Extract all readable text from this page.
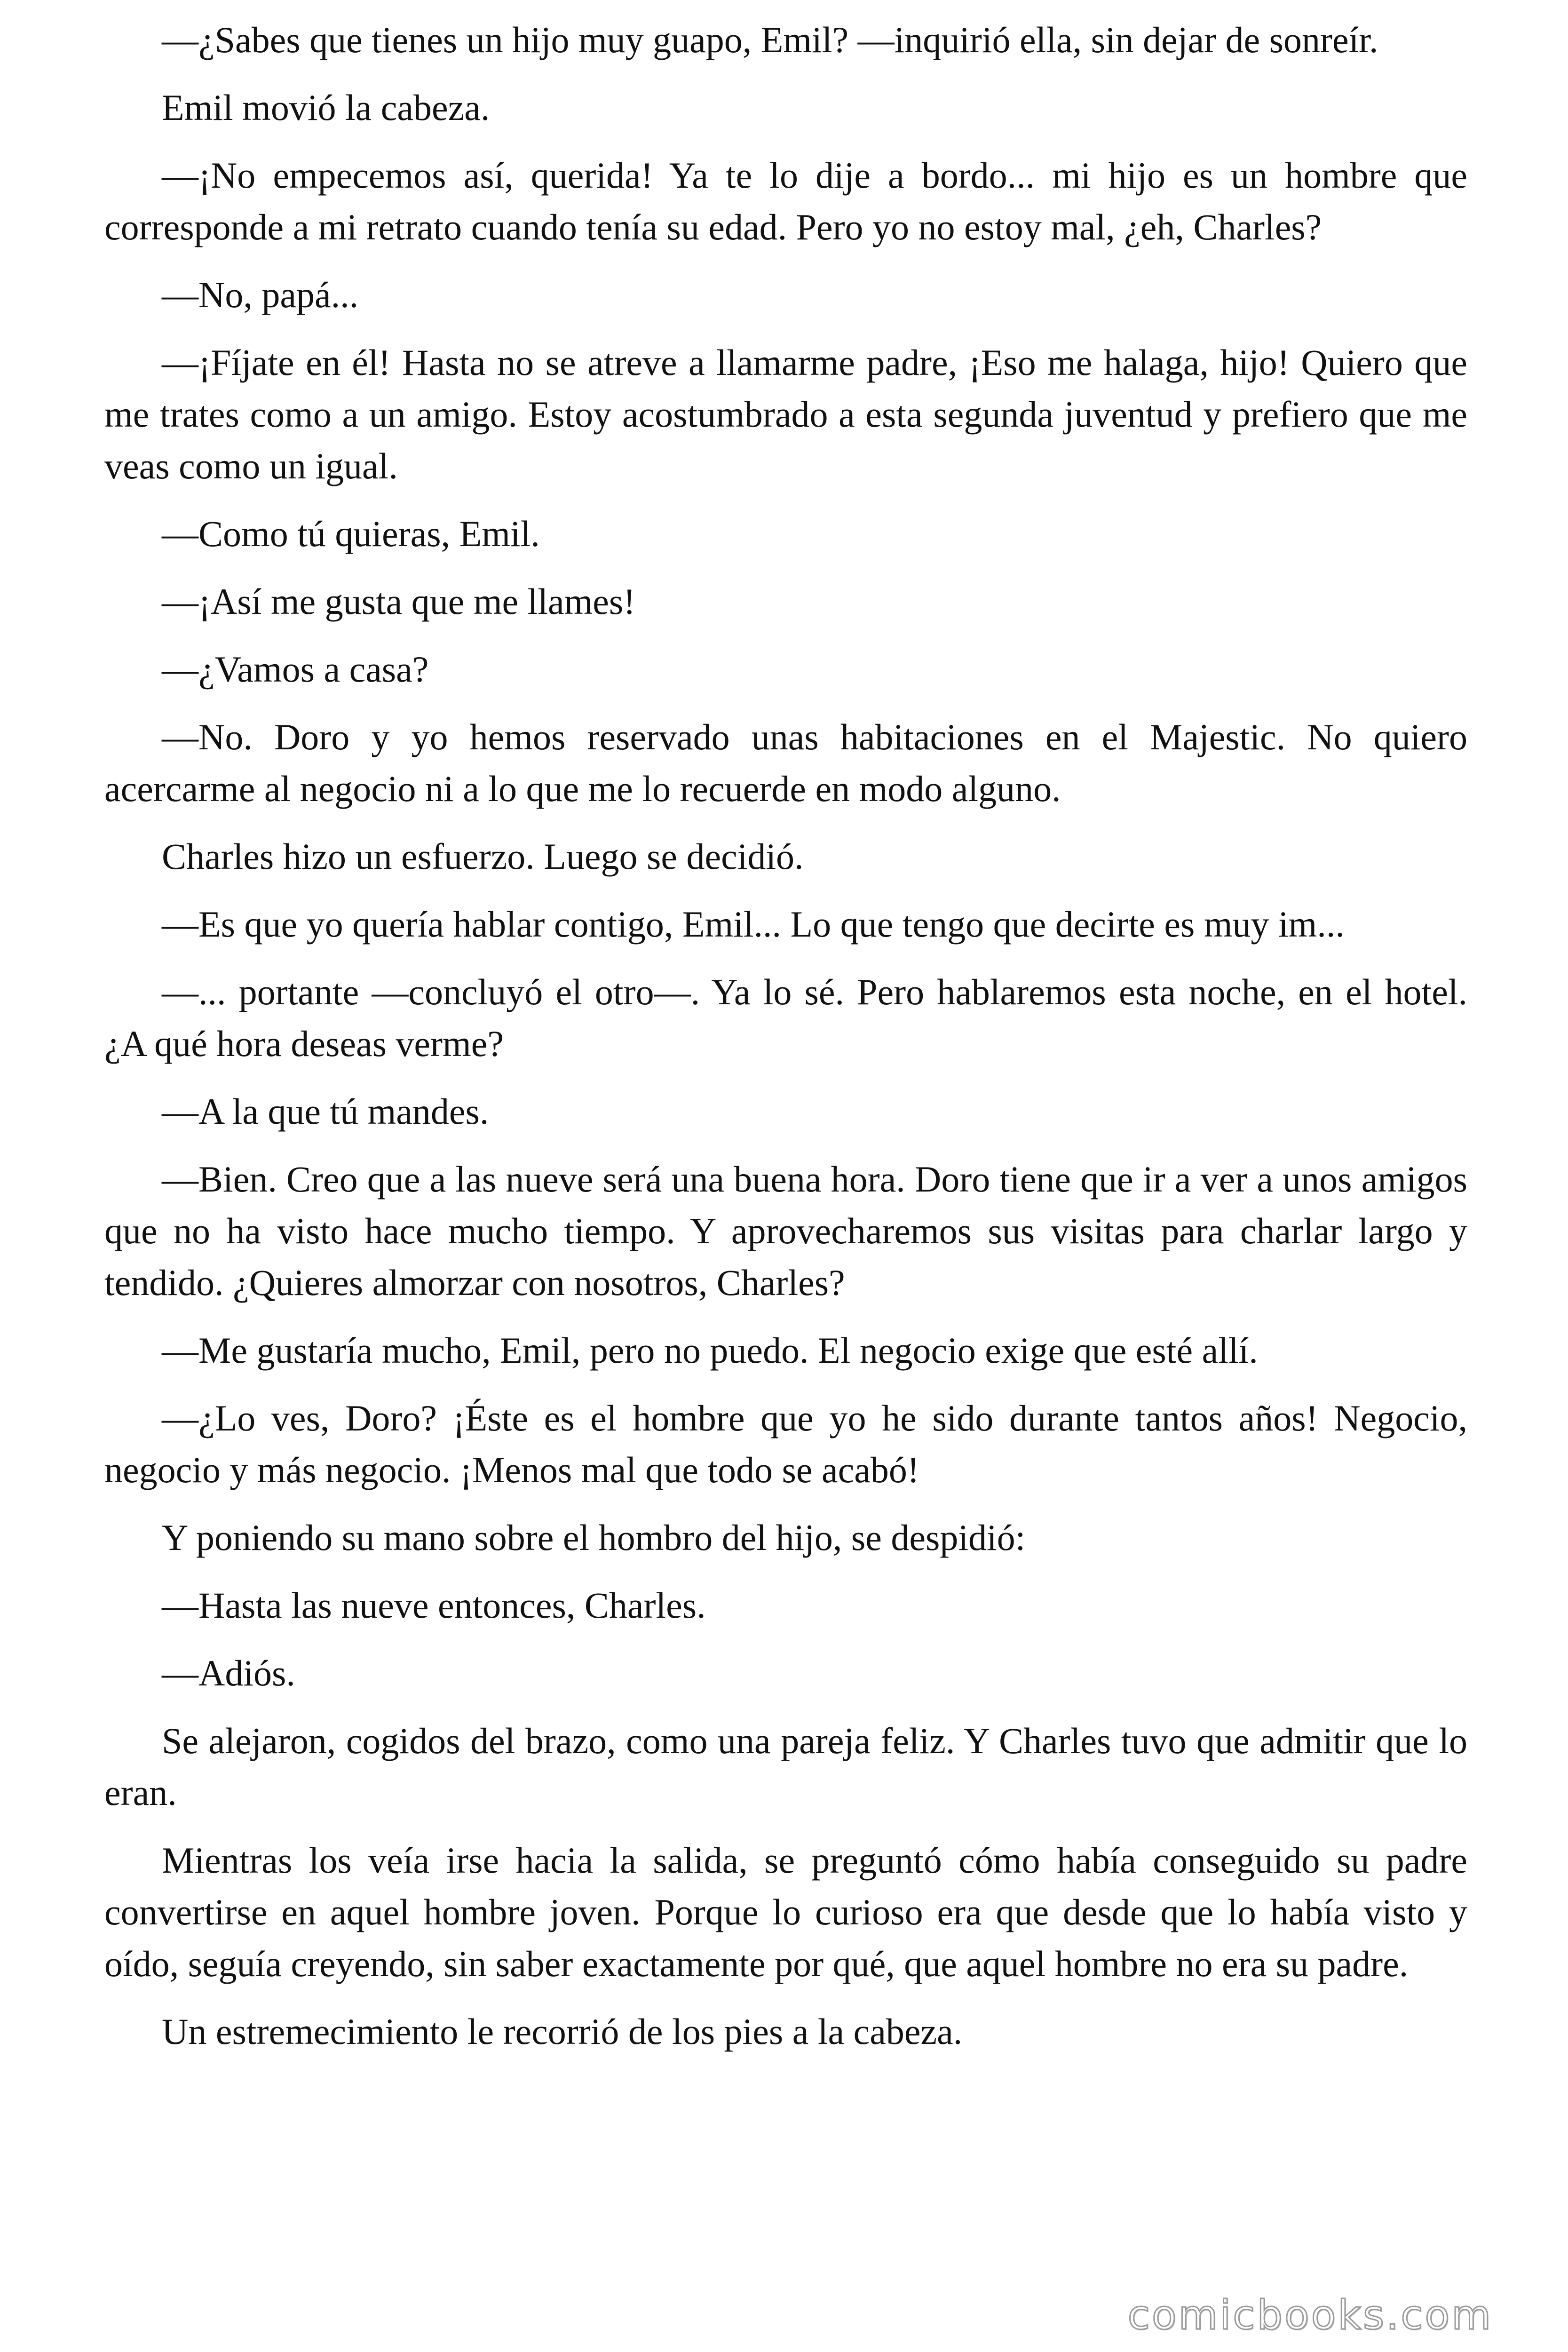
—¿Sabes que tienes un hijo muy guapo, Emil? —inquirió ella, sin dejar de sonreír.

Emil movió la cabeza.

—¡No empecemos así, querida! Ya te lo dije a bordo... mi hijo es un hombre que corresponde a mi retrato cuando tenía su edad. Pero yo no estoy mal, ¿eh, Charles?

—No, papá...

—¡Fíjate en él! Hasta no se atreve a llamarme padre, ¡Eso me halaga, hijo! Quiero que me trates como a un amigo. Estoy acostumbrado a esta segunda juventud y prefiero que me veas como un igual.

—Como tú quieras, Emil.

—¡Así me gusta que me llames!

—¿Vamos a casa?

—No. Doro y yo hemos reservado unas habitaciones en el Majestic. No quiero acercarme al negocio ni a lo que me lo recuerde en modo alguno.

Charles hizo un esfuerzo. Luego se decidió.

—Es que yo quería hablar contigo, Emil... Lo que tengo que decirte es muy im...

—... portante —concluyó el otro—. Ya lo sé. Pero hablaremos esta noche, en el hotel. ¿A qué hora deseas verme?

—A la que tú mandes.

—Bien. Creo que a las nueve será una buena hora. Doro tiene que ir a ver a unos amigos que no ha visto hace mucho tiempo. Y aprovecharemos sus visitas para charlar largo y tendido. ¿Quieres almorzar con nosotros, Charles?

—Me gustaría mucho, Emil, pero no puedo. El negocio exige que esté allí.

—¿Lo ves, Doro? ¡Éste es el hombre que yo he sido durante tantos años! Negocio, negocio y más negocio. ¡Menos mal que todo se acabó!

Y poniendo su mano sobre el hombro del hijo, se despidió:

—Hasta las nueve entonces, Charles.

—Adiós.

Se alejaron, cogidos del brazo, como una pareja feliz. Y Charles tuvo que admitir que lo eran.

Mientras los veía irse hacia la salida, se preguntó cómo había conseguido su padre convertirse en aquel hombre joven. Porque lo curioso era que desde que lo había visto y oído, seguía creyendo, sin saber exactamente por qué, que aquel hombre no era su padre.

Un estremecimiento le recorrió de los pies a la cabeza.

comicbooks.com
